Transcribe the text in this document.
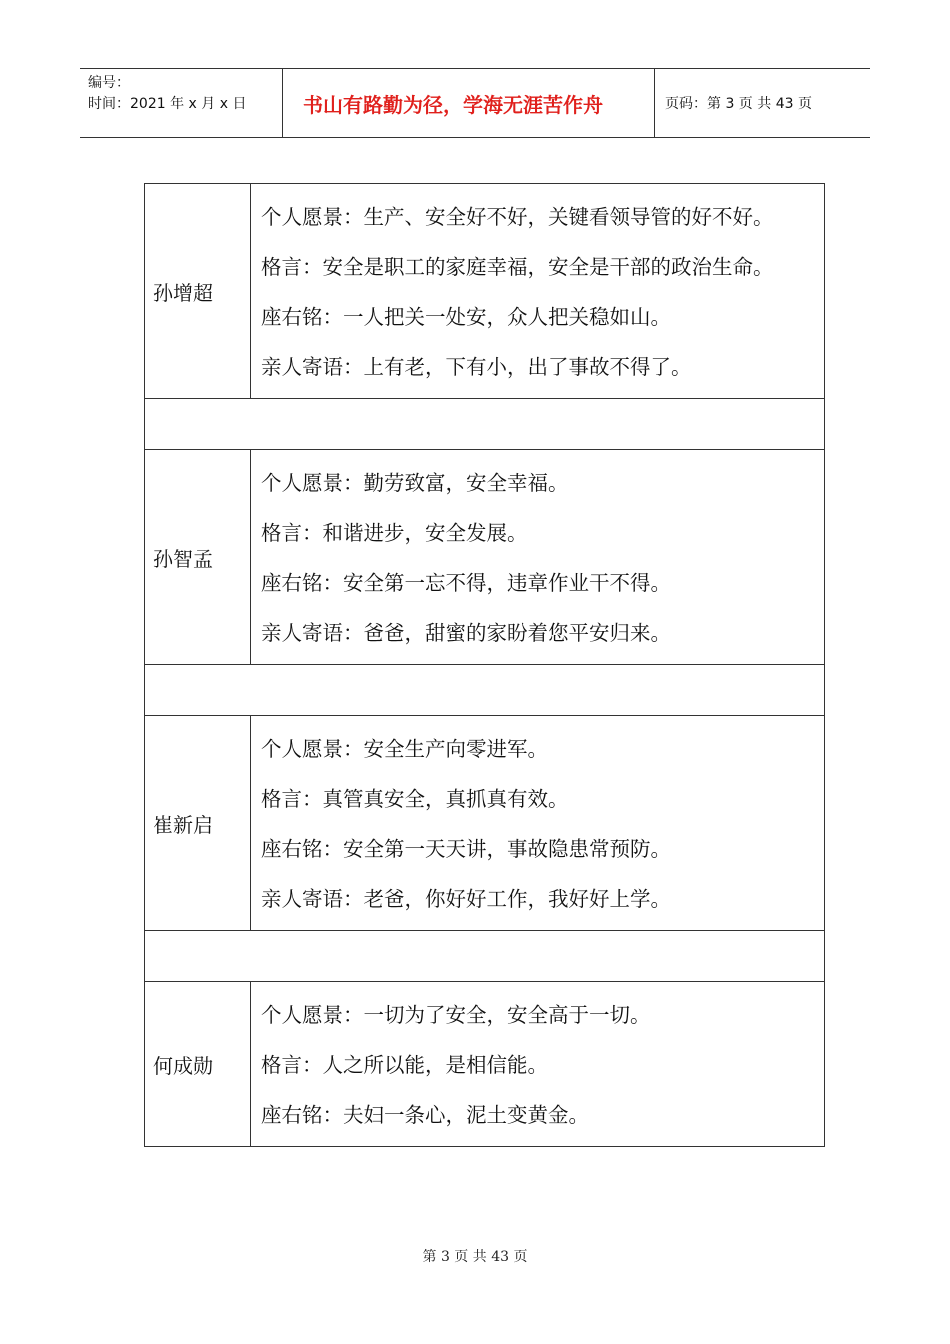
编号：
时间：2021 年 x 月 x 日	书山有路勤为径，学海无涯苦作舟	页码：第 3 页 共 43 页
孙增超
个人愿景：生产、安全好不好，关键看领导管的好不好。
格言：安全是职工的家庭幸福，安全是干部的政治生命。
座右铭：一人把关一处安，众人把关稳如山。
亲人寄语：上有老，下有小，出了事故不得了。
孙智孟
个人愿景：勤劳致富，安全幸福。
格言：和谐进步，安全发展。
座右铭：安全第一忘不得，违章作业干不得。
亲人寄语：爸爸，甜蜜的家盼着您平安归来。
崔新启
个人愿景：安全生产向零进军。
格言：真管真安全，真抓真有效。
座右铭：安全第一天天讲，事故隐患常预防。
亲人寄语：老爸，你好好工作，我好好上学。
何成勋
个人愿景：一切为了安全，安全高于一切。
格言：人之所以能，是相信能。
座右铭：夫妇一条心，泥土变黄金。
第 3 页 共 43 页
